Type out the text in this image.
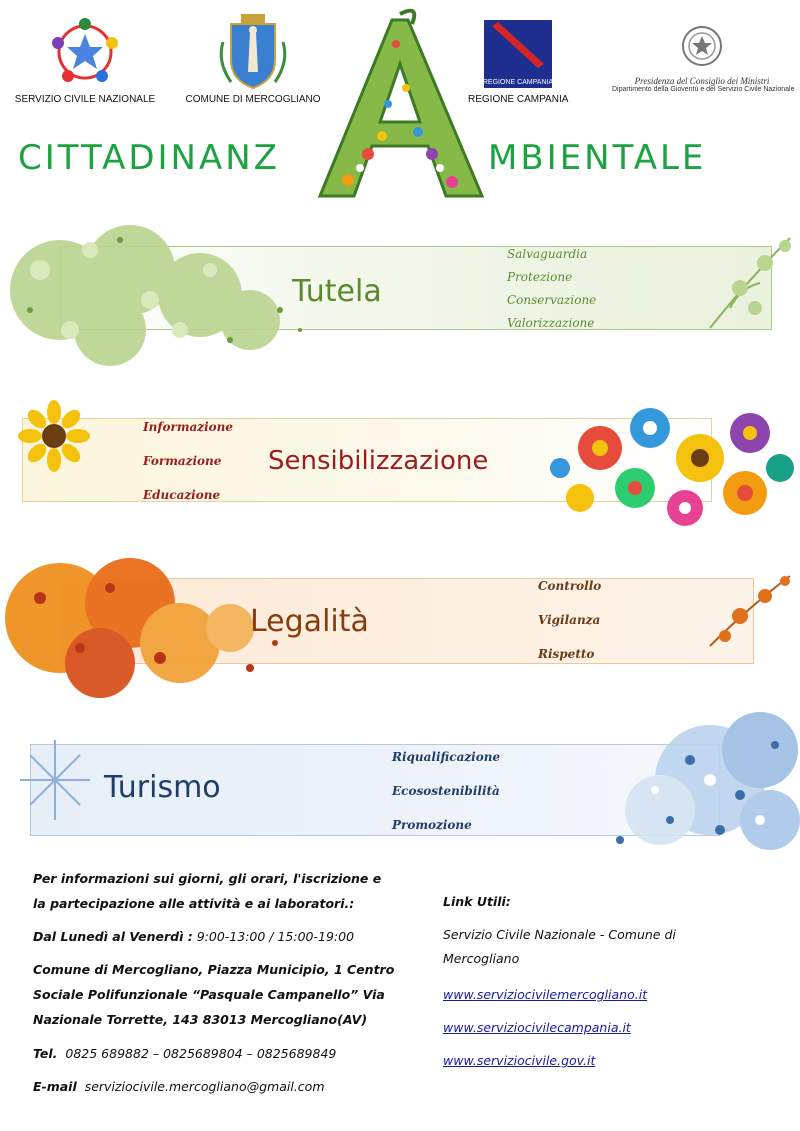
SERVIZIO CIVILE NAZIONALE	COMUNE DI MERCOGLIANO
REGIONE CAMPANIA
REGIONE CAMPANIA
Presidenza del Consiglio dei Ministri
Dipartimento della Gioventù e del Servizio Civile Nazionale
CITTADINANZ	MBIENTALE
Tutela
Salvaguardia
Protezione
Conservazione
Valorizzazione
Informazione
Formazione
Educazione
Sensibilizzazione
Legalità
Controllo
Vigilanza
Rispetto
Turismo
Riqualificazione
Ecosostenibilità
Promozione
Per informazioni sui giorni, gli orari, l'iscrizione e
la partecipazione alle attività e ai laboratori.:
Dal Lunedì al Venerdì : 9:00-13:00 / 15:00-19:00
Comune di Mercogliano, Piazza Municipio, 1 Centro
Sociale Polifunzionale “Pasquale Campanello” Via
Nazionale Torrette, 143 83013 Mercogliano(AV)
Tel. 0825 689882 – 0825689804 – 0825689849
E-mail serviziocivile.mercogliano@gmail.com
Link Utili:
Servizio Civile Nazionale - Comune di
Mercogliano
www.serviziocivilemercogliano.it
www.serviziocivilecampania.it
www.serviziocivile.gov.it
